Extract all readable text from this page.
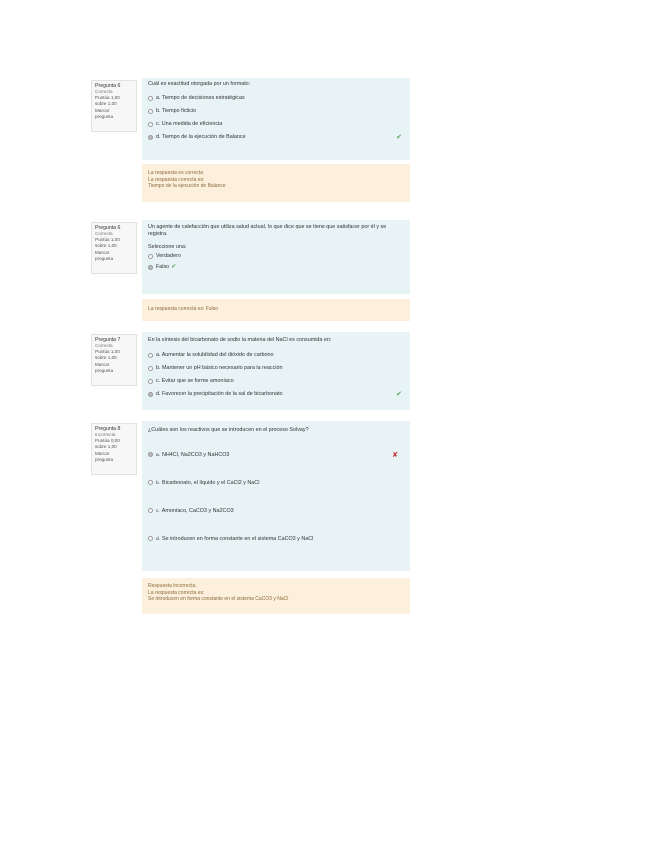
Pregunta 6
Correcta
Puntúa 1,00
sobre 1,00
Marcar
pregunta
Cuál es exactitud otorgada por un formato:
a. Tiempo de decisiones estratégicas
b. Tiempo ficticio
c. Una medida de eficiencia
d. Tiempo de la ejecución de Balance	✔
La respuesta es correcta
La respuesta correcta es:
Tiempo de la ejecución de Balance
Pregunta 6
Correcta
Puntúa 1,00
sobre 1,00
Marcar
pregunta
Un agente de calefacción que utiliza salud actual, lo que dice que se tiene que satisfacer por él y se registra.
Seleccione una:
Verdadero
Falso ✔
La respuesta correcta es: Falso
Pregunta 7
Correcta
Puntúa 1,00
sobre 1,00
Marcar
pregunta
En la síntesis del bicarbonato de sodio la materia del NaCl es consumida en:
a. Aumentar la solubilidad del dióxido de carbono
b. Mantener un pH básico necesario para la reacción
c. Evitar que se forme amoníaco
d. Favorecer la precipitación de la sal de bicarbonato	✔
Pregunta 8
Incorrecta
Puntúa 0,00
sobre 1,00
Marcar
pregunta
¿Cuáles son los reactivos que se introducen en el proceso Solvay?
a. NH4Cl, Na2CO3 y NaHCO3	✘
b. Bicarbonato, el líquido y el CaCl2 y NaCl
c. Amoníaco, CaCO3 y Na2CO3
d. Se introducen en forma constante en el sistema CaCO3 y NaCl
Respuesta incorrecta.
La respuesta correcta es:
Se introducen en forma constante en el sistema CaCO3 y NaCl
